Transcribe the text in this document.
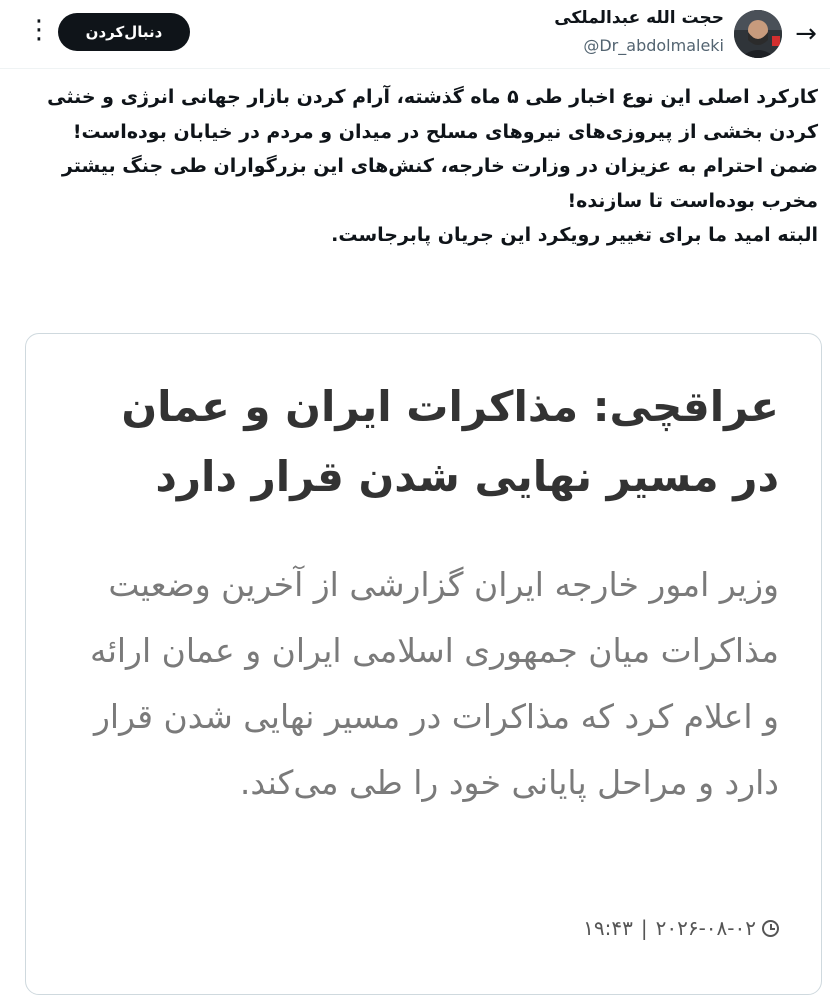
→
حجت الله عبدالملکی
@Dr_abdolmaleki
دنبال‌کردن
⋮

کارکرد اصلی این نوع اخبار طی ۵ ماه گذشته، آرام کردن بازار جهانی انرژی و خنثی کردن بخشی از پیروزی‌های نیروهای مسلح در میدان و مردم در خیابان بوده‌است!

ضمن احترام به عزیزان در وزارت خارجه، کنش‌های این بزرگواران طی جنگ بیشتر مخرب بوده‌است تا سازنده!

البته امید ما برای تغییر رویکرد این جریان پابرجاست.

عراقچی: مذاکرات ایران و عمان در مسیر نهایی شدن قرار دارد
وزیر امور خارجه ایران گزارشی از آخرین وضعیت مذاکرات میان جمهوری اسلامی ایران و عمان ارائه و اعلام کرد که مذاکرات در مسیر نهایی شدن قرار دارد و مراحل پایانی خود را طی می‌کند.
۲۰۲۶-۰۸-۰۲|۱۹:۴۳
